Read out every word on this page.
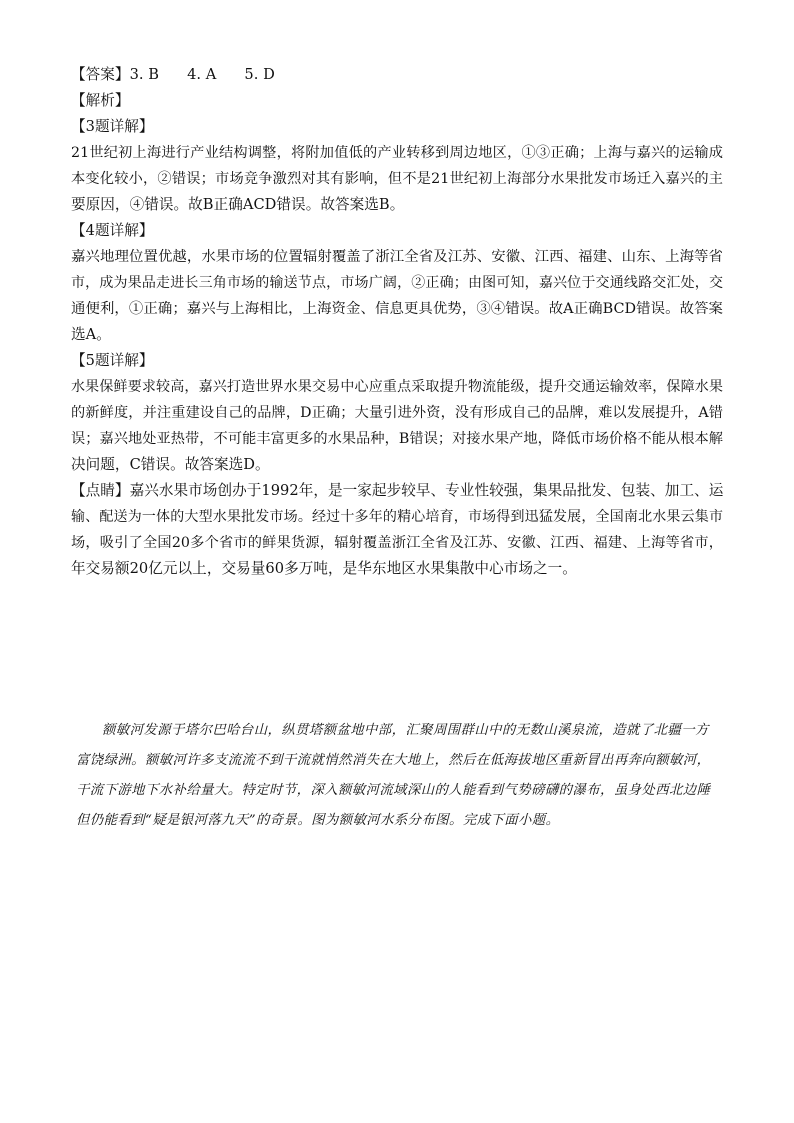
【答案】3. B 4. A 5. D
【解析】
【3题详解】
21世纪初上海进行产业结构调整，将附加值低的产业转移到周边地区，①③正确；上海与嘉兴的运输成
本变化较小，②错误；市场竞争激烈对其有影响，但不是21世纪初上海部分水果批发市场迁入嘉兴的主
要原因，④错误。故B正确ACD错误。故答案选B。
【4题详解】
嘉兴地理位置优越，水果市场的位置辐射覆盖了浙江全省及江苏、安徽、江西、福建、山东、上海等省
市，成为果品走进长三角市场的输送节点，市场广阔，②正确；由图可知，嘉兴位于交通线路交汇处，交
通便利，①正确；嘉兴与上海相比，上海资金、信息更具优势，③④错误。故A正确BCD错误。故答案
选A。
【5题详解】
水果保鲜要求较高，嘉兴打造世界水果交易中心应重点采取提升物流能级，提升交通运输效率，保障水果
的新鲜度，并注重建设自己的品牌，D正确；大量引进外资，没有形成自己的品牌，难以发展提升，A错
误；嘉兴地处亚热带，不可能丰富更多的水果品种，B错误；对接水果产地，降低市场价格不能从根本解
决问题，C错误。故答案选D。
【点睛】嘉兴水果市场创办于1992年，是一家起步较早、专业性较强，集果品批发、包装、加工、运
输、配送为一体的大型水果批发市场。经过十多年的精心培育，市场得到迅猛发展，全国南北水果云集市
场，吸引了全国20多个省市的鲜果货源，辐射覆盖浙江全省及江苏、安徽、江西、福建、上海等省市，
年交易额20亿元以上，交易量60多万吨，是华东地区水果集散中心市场之一。
额敏河发源于塔尔巴哈台山，纵贯塔额盆地中部，汇聚周围群山中的无数山溪泉流，造就了北疆一方
富饶绿洲。额敏河许多支流流不到干流就悄然消失在大地上，然后在低海拔地区重新冒出再奔向额敏河，
干流下游地下水补给量大。特定时节，深入额敏河流域深山的人能看到气势磅礴的瀑布，虽身处西北边陲
但仍能看到“疑是银河落九天”的奇景。图为额敏河水系分布图。完成下面小题。
